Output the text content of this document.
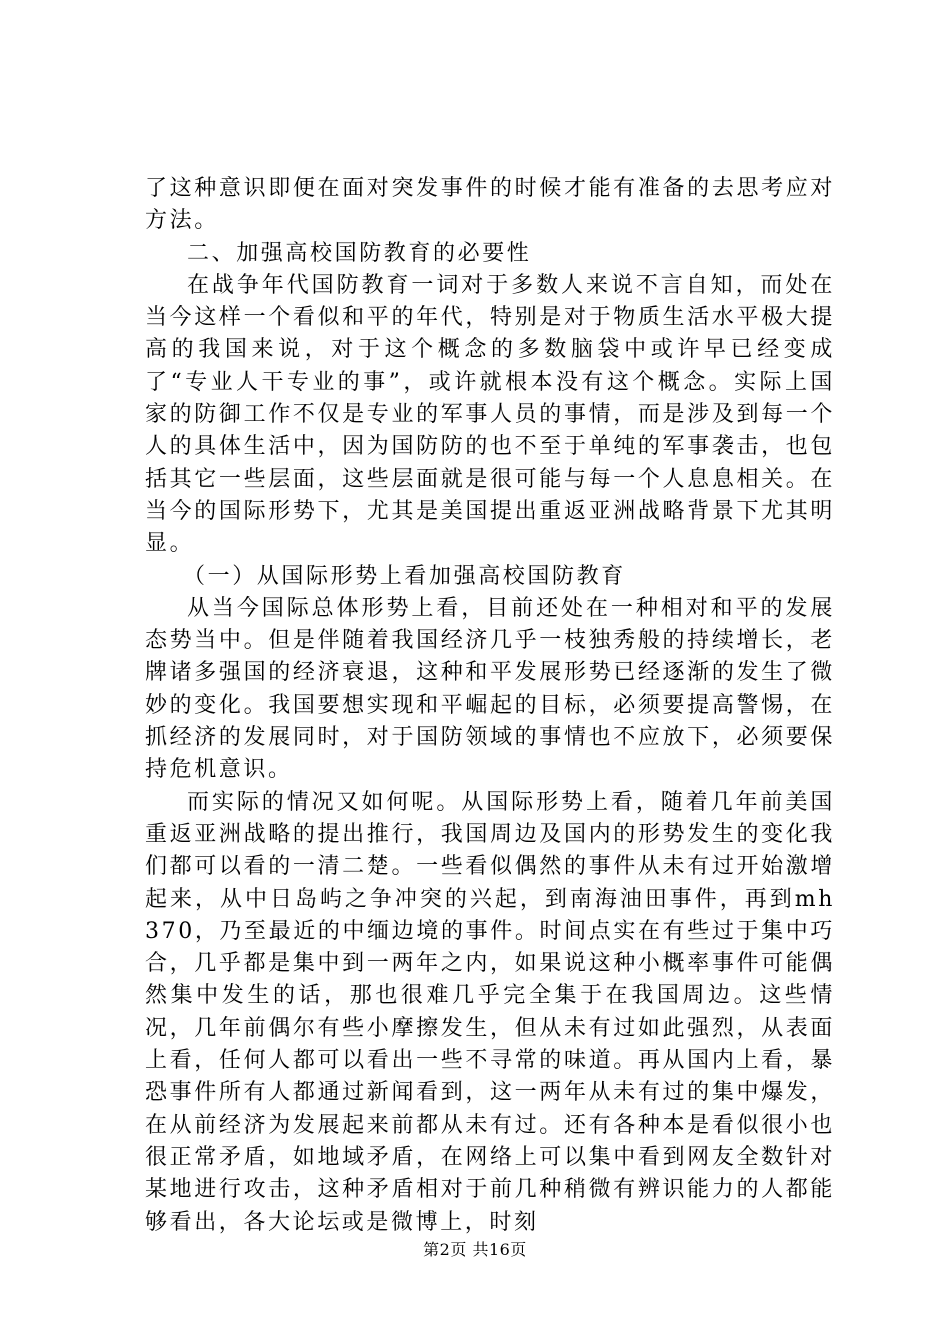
了这种意识即便在面对突发事件的时候才能有准备的去思考应对方法。

二、加强高校国防教育的必要性

在战争年代国防教育一词对于多数人来说不言自知，而处在当今这样一个看似和平的年代，特别是对于物质生活水平极大提高的我国来说，对于这个概念的多数脑袋中或许早已经变成了“专业人干专业的事”，或许就根本没有这个概念。实际上国家的防御工作不仅是专业的军事人员的事情，而是涉及到每一个人的具体生活中，因为国防防的也不至于单纯的军事袭击，也包括其它一些层面，这些层面就是很可能与每一个人息息相关。在当今的国际形势下，尤其是美国提出重返亚洲战略背景下尤其明显。

（一）从国际形势上看加强高校国防教育

从当今国际总体形势上看，目前还处在一种相对和平的发展态势当中。但是伴随着我国经济几乎一枝独秀般的持续增长，老牌诸多强国的经济衰退，这种和平发展形势已经逐渐的发生了微妙的变化。我国要想实现和平崛起的目标，必须要提高警惕，在抓经济的发展同时，对于国防领域的事情也不应放下，必须要保持危机意识。

而实际的情况又如何呢。从国际形势上看，随着几年前美国重返亚洲战略的提出推行，我国周边及国内的形势发生的变化我们都可以看的一清二楚。一些看似偶然的事件从未有过开始激增起来，从中日岛屿之争冲突的兴起，到南海油田事件，再到mh370，乃至最近的中缅边境的事件。时间点实在有些过于集中巧合，几乎都是集中到一两年之内，如果说这种小概率事件可能偶然集中发生的话，那也很难几乎完全集于在我国周边。这些情况，几年前偶尔有些小摩擦发生，但从未有过如此强烈，从表面上看，任何人都可以看出一些不寻常的味道。再从国内上看，暴恐事件所有人都通过新闻看到，这一两年从未有过的集中爆发，在从前经济为发展起来前都从未有过。还有各种本是看似很小也很正常矛盾，如地域矛盾，在网络上可以集中看到网友全数针对某地进行攻击，这种矛盾相对于前几种稍微有辨识能力的人都能够看出，各大论坛或是微博上，时刻

第2页 共16页
